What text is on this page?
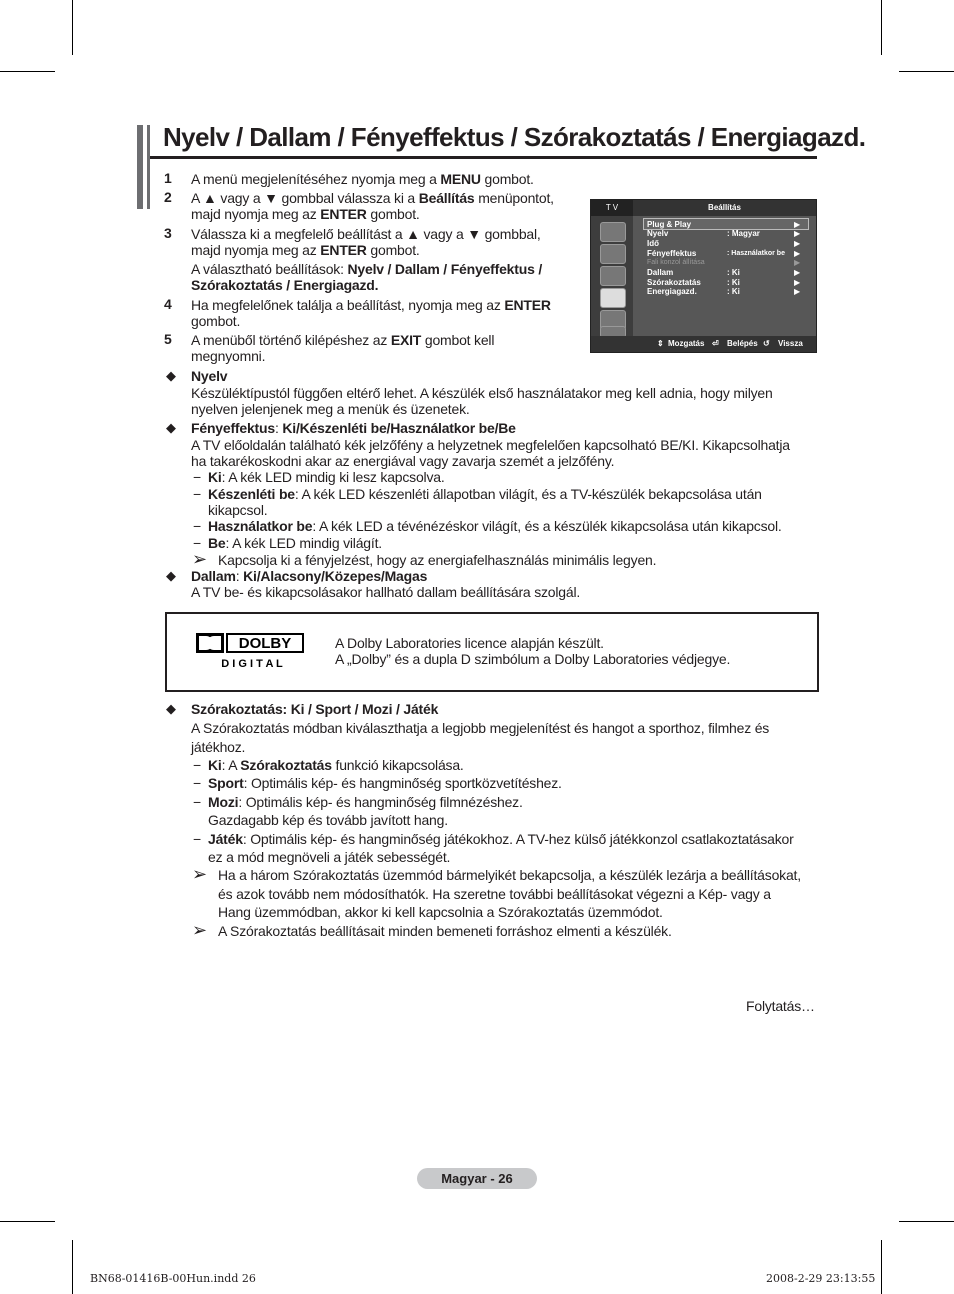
Nyelv / Dallam / Fényeffektus / Szórakoztatás / Energiagazd.
1 A menü megjelenítéséhez nyomja meg a MENU gombot.
2 A ▲ vagy a ▼ gombbal válassza ki a Beállítás menüpontot,
majd nyomja meg az ENTER gombot.
3 Válassza ki a megfelelő beállítást a ▲ vagy a ▼ gombbal,
majd nyomja meg az ENTER gombot.
A választható beállítások: Nyelv / Dallam / Fényeffektus /
Szórakoztatás / Energiagazd.
4 Ha megfelelőnek találja a beállítást, nyomja meg az ENTER
gombot.
5 A menüből történő kilépéshez az EXIT gombot kell
megnyomni.
T V	Beállítás
Plug & Play	▶
Nyelv	: Magyar	▶
Idő	▶
Fényeffektus	: Használatkor be ▶
Fali konzol állítása	▶
Dallam	: Ki	▶
Szórakoztatás	: Ki	▶
Energiagazd.	: Ki	▶
⇕ Mozgatás ⏎ Belépés ↺ Vissza
◆ Nyelv
Készüléktípustól függően eltérő lehet. A készülék első használatakor meg kell adnia, hogy milyen
nyelven jelenjenek meg a menük és üzenetek.
◆ Fényeffektus: Ki/Készenléti be/Használatkor be/Be
A TV előoldalán található kék jelzőfény a helyzetnek megfelelően kapcsolható BE/KI. Kikapcsolhatja
ha takarékoskodni akar az energiával vagy zavarja szemét a jelzőfény.
− Ki: A kék LED mindig ki lesz kapcsolva.
− Készenléti be: A kék LED készenléti állapotban világít, és a TV-készülék bekapcsolása után
kikapcsol.
− Használatkor be: A kék LED a tévénézéskor világít, és a készülék kikapcsolása után kikapcsol.
− Be: A kék LED mindig világít.
➢ Kapcsolja ki a fényjelzést, hogy az energiafelhasználás minimális legyen.
◆ Dallam: Ki/Alacsony/Közepes/Magas
A TV be- és kikapcsolásakor hallható dallam beállítására szolgál.
DOLBY
D I G I T A L
A Dolby Laboratories licence alapján készült.
A „Dolby” és a dupla D szimbólum a Dolby Laboratories védjegye.
◆ Szórakoztatás: Ki / Sport / Mozi / Játék
A Szórakoztatás módban kiválaszthatja a legjobb megjelenítést és hangot a sporthoz, filmhez és
játékhoz.
− Ki: A Szórakoztatás funkció kikapcsolása.
− Sport: Optimális kép- és hangminőség sportközvetítéshez.
− Mozi: Optimális kép- és hangminőség filmnézéshez.
Gazdagabb kép és tovább javított hang.
− Játék: Optimális kép- és hangminőség játékokhoz. A TV-hez külső játékkonzol csatlakoztatásakor
ez a mód megnöveli a játék sebességét.
➢ Ha a három Szórakoztatás üzemmód bármelyikét bekapcsolja, a készülék lezárja a beállításokat,
és azok tovább nem módosíthatók. Ha szeretne további beállításokat végezni a Kép- vagy a
Hang üzemmódban, akkor ki kell kapcsolnia a Szórakoztatás üzemmódot.
➢ A Szórakoztatás beállításait minden bemeneti forráshoz elmenti a készülék.
Folytatás…
Magyar - 26
BN68-01416B-00Hun.indd 26	2008-2-29 23:13:55
